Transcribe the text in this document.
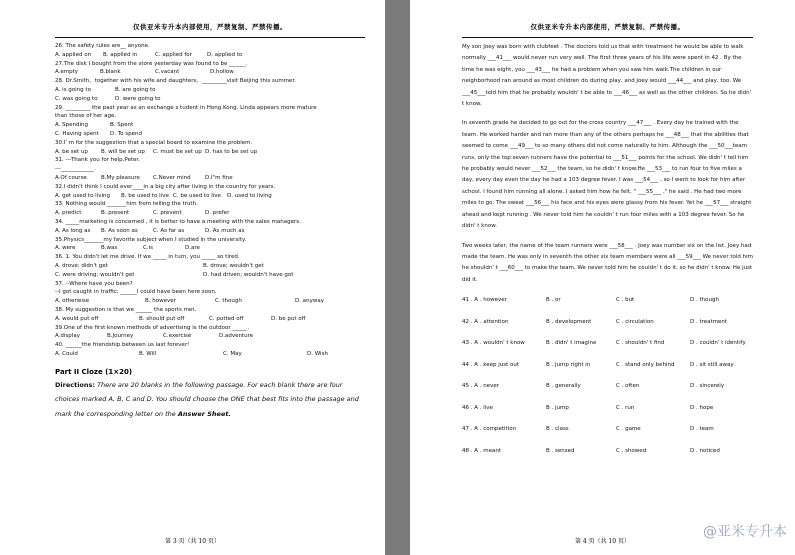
仅供亚米专升本内部使用，严禁复制、严禁传播。
26. The safety rules are__ anyone.
A. applied on	B. applied in	C. applied for	D. applied to
27.The disk I bought from the store yesterday was found to be ______.
A.empty	B.blank	C.vacant	D.hollow
28. Dr.Smith，together with his wife and daughters，_________visit Beijing this summer.
A. is going to	B. are going to
C. was going to	D. were going to
29. _________ the past year as an exchange s tudent in Hong Kong, Linda appears more mature
than those of her age.
A. Spending	B. Spent
C. Having spent	D. To spend
30.I' m for the suggestion that a special board to examine the problem.
A. be set up	B. will be set up	C. must be set up D. has to be set up
31. ---Thank you for help,Peter.
---____________.
A.Of course	B.My pleasure	C.Never mind	D.I"m fine
32.I didn't think I could ever____in a big city after living in the country for years.
A. get used to living	B. be used to live C. be used to live	D. used to living
33. Nothing would _______him from telling the truth.
A. predict	B. present	C. prevent	D. prefer
34. _____marketing is concerned , it is better to have a meeting with the sales managers.
A. As long as	B. As soon as	C. As far as	D. As much as
35.Physics_______my favorite subject when I studied in the university.
A. were	B.was	C.is	D.are
36. 1. You didn't let me drive. If we _____ in turn, you _____ so tired.
A. drove; didn't get	B. drove; wouldn't get
C. were driving; wouldn't get	D. had driven; wouldn't have got
37. --Where have you been?
--I got caught in traffic; ______I could have been here soon.
A. otherwise	B. however	C. though	D. anyway
38. My suggestion is that we ______ the sports met.
A. would put off	B. should put off	C. putted off	D. be put off
39.One of the first known methods of advertising is the outdoor _____ .
A.display	B.Journey	C.exercise	D.adventure
40. ______the friendship between us last forever!
A. Could	B. Will	C. May	D. Wish
Part II Cloze (1×20)
Directions: There are 20 blanks in the following passage. For each blank there are four choices marked A, B, C and D. You should choose the ONE that best fits into the passage and mark the corresponding letter on the Answer Sheet.
第 3 页（共 10 页）
仅供亚米专升本内部使用，严禁复制、严禁传播。
My son Joey was born with clubfeet . The doctors told us that with treatment he would be able to walk normally ___41___ would never run very well. The first three years of his life were spent in 42 . By the time he was eight, you ___43___ he had a problem when you saw him walk.The children in our neighborhood ran around as most children do during play, and Joey would ___44___ and play, too. We ___45___told him that he probably wouldn' t be able to ___46___ as well as the other children. So he didn' t know.
In seventh grade he decided to go out for the cross country ___47___ . Every day he trained with the team. He worked harder and ran more than any of the others perhaps he ___48___ that the abilities that seemed to come ___49___ to so many others did not come naturally to him. Although the ___50___team runs, only the top seven runners have the potential to ___51___ points for the school. We didn' t tell him he probably would never ___52___ the team, so he didn' t know.He ___53___ to run four to five miles a day, every day even the day he had a 103 degree fever. I was ___54___ , so I went to look for him after school. I found him running all alone. I asked him how he felt, " ___55___ ," he said . He had two more miles to go. The sweat ___56___ his face and his eyes were glassy from his fever. Yet he ___57___ straight ahead and kept running . We never told him he couldn' t run four miles with a 103 degree fever. So he didn' t know.
Two weeks later, the name of the team runners were ___58___ . Joey was number six on the list. Joey had made the team. He was only in seventh the other six team members were all ___59___ We never told him he shouldn' t ___60___ to make the team. We never told him he couldn' t do it, so he didn' t know. He just did it.
41 . A . however	B . or	C . but	D . though
42 . A . attention	B . development	C . circulation	D . treatment
43 . A . wouldn' t know	B . didn' t imagine	C . shouldn' t find	D . couldn' t identify
44 . A . keep just out	B . jump right in	C . stand only behind	D . sit still away
45 . A . never	B . generally	C . often	D . sincerely
46 . A . live	B . jump	C . run	D . hope
47 . A . competition	B . class	C . game	D . team
48 . A . meant	B . sensed	C . showed	D . noticed
第 4 页（共 10 页）
@亚米专升本
